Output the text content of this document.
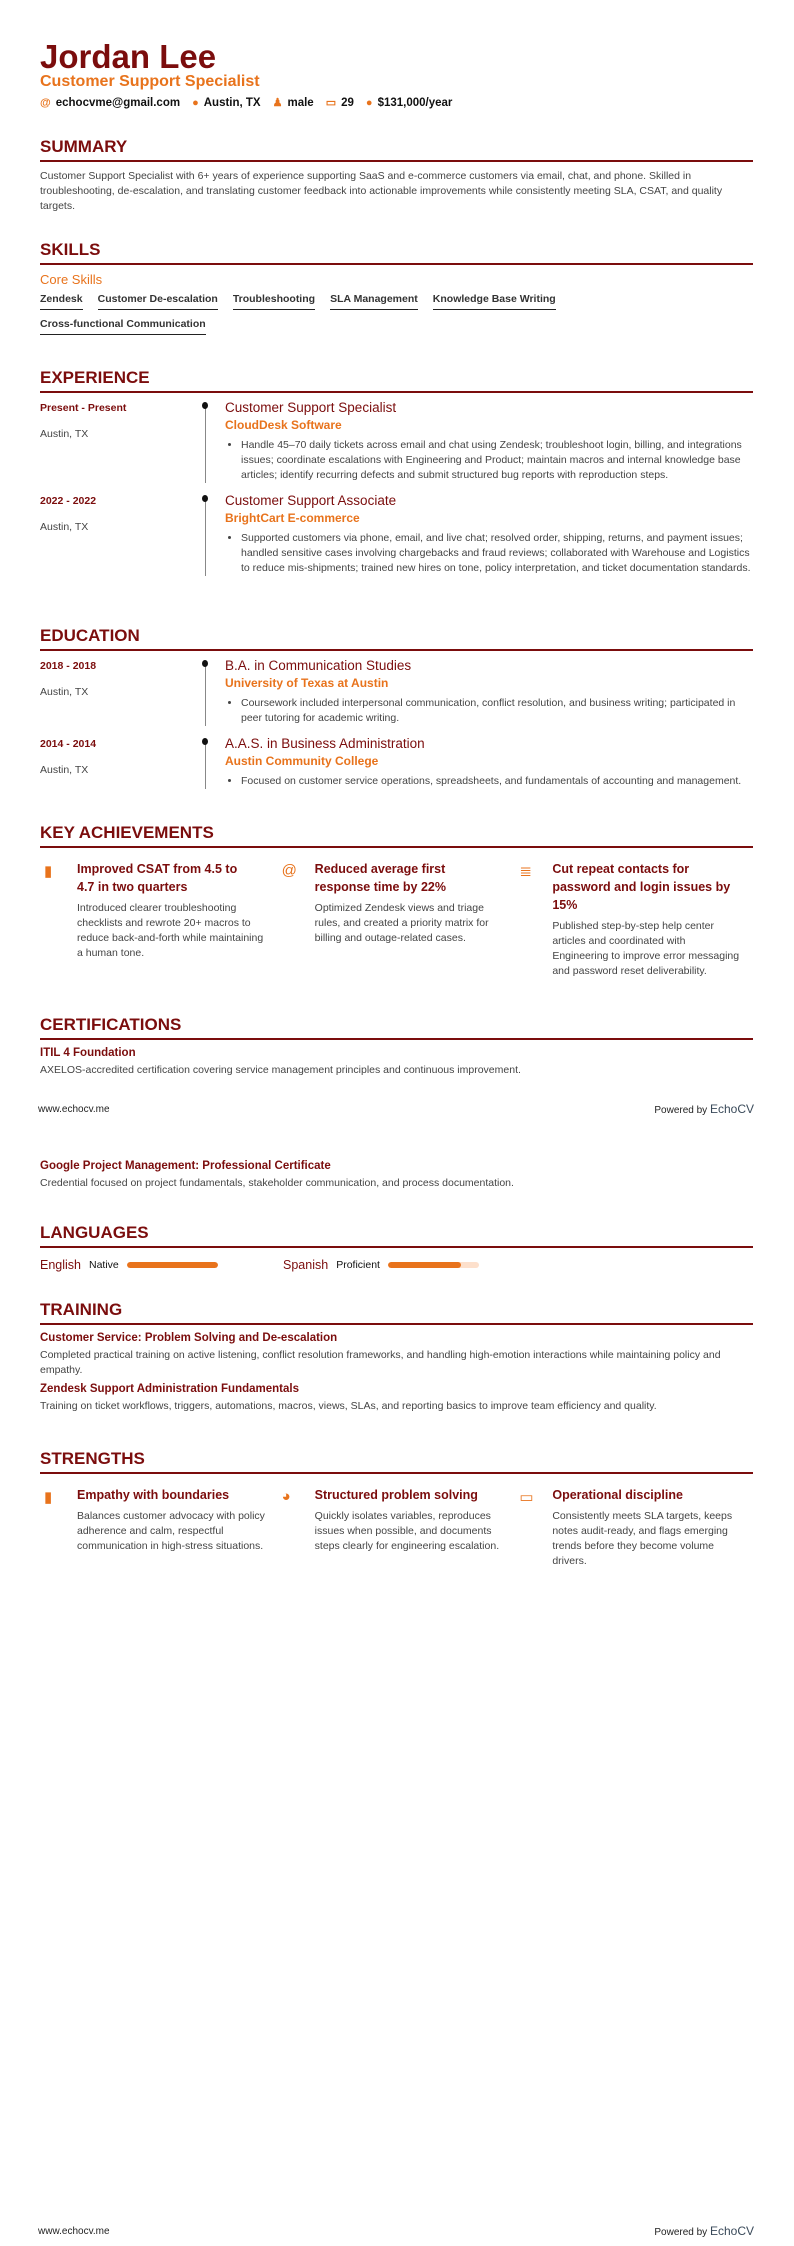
Jordan Lee
Customer Support Specialist
@ echocvme@gmail.com ● Austin, TX ♟ male ▭ 29 ● $131,000/year
SUMMARY

Customer Support Specialist with 6+ years of experience supporting SaaS and e-commerce customers via email, chat, and phone. Skilled in troubleshooting, de-escalation, and translating customer feedback into actionable improvements while consistently meeting SLA, CSAT, and quality targets.

SKILLS
Core Skills
Zendesk Customer De-escalation Troubleshooting SLA Management Knowledge Base Writing
Cross-functional Communication
EXPERIENCE
Present - Present
Austin, TX
Customer Support Specialist
CloudDesk Software
• Handle 45–70 daily tickets across email and chat using Zendesk; troubleshoot login, billing, and integrations issues; coordinate escalations with Engineering and Product; maintain macros and internal knowledge base articles; identify recurring defects and submit structured bug reports with reproduction steps.
2022 - 2022
Austin, TX
Customer Support Associate
BrightCart E-commerce
• Supported customers via phone, email, and live chat; resolved order, shipping, returns, and payment issues; handled sensitive cases involving chargebacks and fraud reviews; collaborated with Warehouse and Logistics to reduce mis-shipments; trained new hires on tone, policy interpretation, and ticket documentation standards.
EDUCATION
2018 - 2018
Austin, TX
B.A. in Communication Studies
University of Texas at Austin
• Coursework included interpersonal communication, conflict resolution, and business writing; participated in peer tutoring for academic writing.
2014 - 2014
Austin, TX
A.A.S. in Business Administration
Austin Community College
• Focused on customer service operations, spreadsheets, and fundamentals of accounting and management.
KEY ACHIEVEMENTS
▮	Improved CSAT from 4.5 to 4.7 in two quarters
Introduced clearer troubleshooting checklists and rewrote 20+ macros to reduce back-and-forth while maintaining a human tone.
@	Reduced average first response time by 22%
Optimized Zendesk views and triage rules, and created a priority matrix for billing and outage-related cases.
≣	Cut repeat contacts for password and login issues by 15%
Published step-by-step help center articles and coordinated with Engineering to improve error messaging and password reset deliverability.
CERTIFICATIONS
ITIL 4 Foundation
AXELOS-accredited certification covering service management principles and continuous improvement.
www.echocv.me	Powered by EchoCV
Google Project Management: Professional Certificate
Credential focused on project fundamentals, stakeholder communication, and process documentation.
LANGUAGES
English Native	Spanish Proficient
TRAINING
Customer Service: Problem Solving and De-escalation
Completed practical training on active listening, conflict resolution frameworks, and handling high-emotion interactions while maintaining policy and empathy.
Zendesk Support Administration Fundamentals
Training on ticket workflows, triggers, automations, macros, views, SLAs, and reporting basics to improve team efficiency and quality.
STRENGTHS
▮	Empathy with boundaries
Balances customer advocacy with policy adherence and calm, respectful communication in high-stress situations.
◕	Structured problem solving
Quickly isolates variables, reproduces issues when possible, and documents steps clearly for engineering escalation.
▭	Operational discipline
Consistently meets SLA targets, keeps notes audit-ready, and flags emerging trends before they become volume drivers.
www.echocv.me	Powered by EchoCV
